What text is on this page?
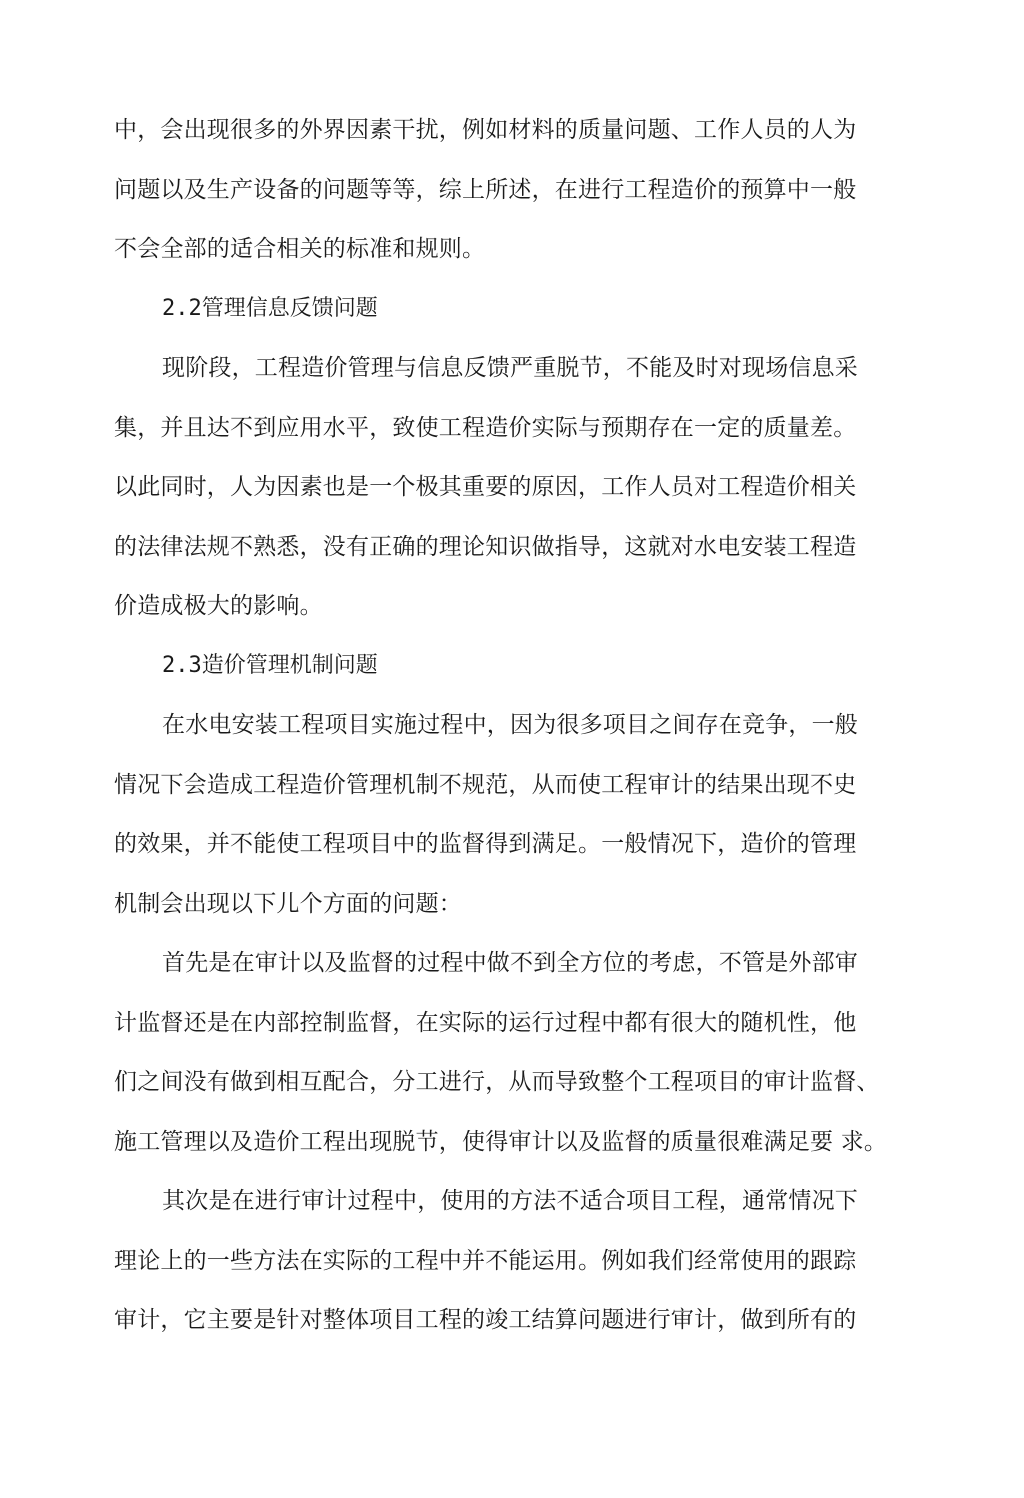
中，会出现很多的外界因素干扰，例如材料的质量问题、工作人员的人为
问题以及生产设备的问题等等，综上所述，在进行工程造价的预算中一般
不会全部的适合相关的标准和规则。
2.2管理信息反馈问题
现阶段，工程造价管理与信息反馈严重脱节，不能及时对现场信息采
集，并且达不到应用水平，致使工程造价实际与预期存在一定的质量差。
以此同时，人为因素也是一个极其重要的原因，工作人员对工程造价相关
的法律法规不熟悉，没有正确的理论知识做指导，这就对水电安装工程造
价造成极大的影响。
2.3造价管理机制问题
在水电安装工程项目实施过程中，因为很多项目之间存在竞争，一般
情况下会造成工程造价管理机制不规范，从而使工程审计的结果出现不史
的效果，并不能使工程项目中的监督得到满足。一般情况下，造价的管理
机制会出现以下儿个方面的问题：
首先是在审计以及监督的过程中做不到全方位的考虑，不管是外部审
计监督还是在内部控制监督，在实际的运行过程中都有很大的随机性，他
们之间没有做到相互配合，分工进行，从而导致整个工程项目的审计监督、
施工管理以及造价工程出现脱节，使得审计以及监督的质量很难满足要 求。
其次是在进行审计过程中，使用的方法不适合项目工程，通常情况下
理论上的一些方法在实际的工程中并不能运用。例如我们经常使用的跟踪
审计，它主要是针对整体项目工程的竣工结算问题进行审计，做到所有的
